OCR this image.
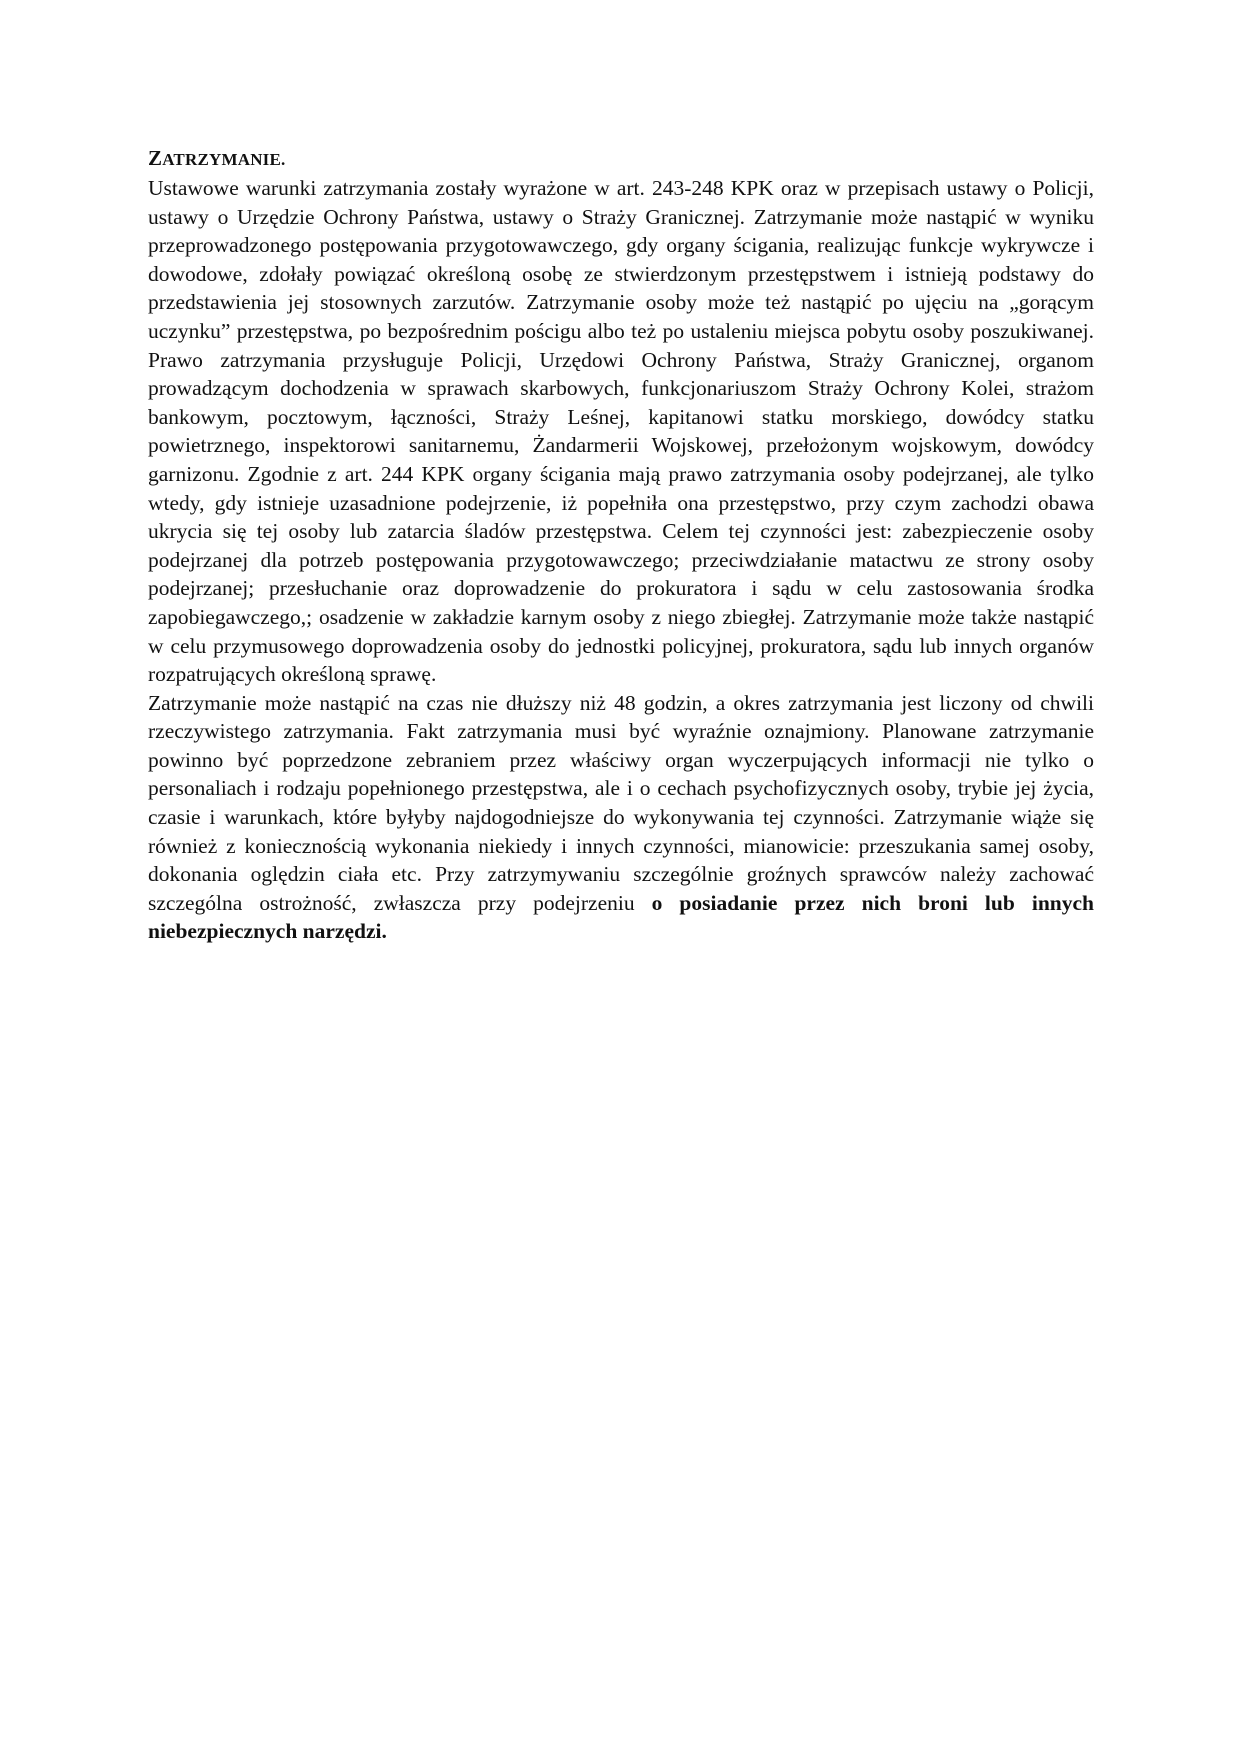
ZATRZYMANIE.

Ustawowe warunki zatrzymania zostały wyrażone w art. 243-248 KPK oraz w przepisach ustawy o Policji, ustawy o Urzędzie Ochrony Państwa, ustawy o Straży Granicznej. Zatrzymanie może nastąpić w wyniku przeprowadzonego postępowania przygotowawczego, gdy organy ścigania, realizując funkcje wykrywcze i dowodowe, zdołały powiązać określoną osobę ze stwierdzonym przestępstwem i istnieją podstawy do przedstawienia jej stosownych zarzutów. Zatrzymanie osoby może też nastąpić po ujęciu na „gorącym uczynku” przestępstwa, po bezpośrednim pościgu albo też po ustaleniu miejsca pobytu osoby poszukiwanej. Prawo zatrzymania przysługuje Policji, Urzędowi Ochrony Państwa, Straży Granicznej, organom prowadzącym dochodzenia w sprawach skarbowych, funkcjonariuszom Straży Ochrony Kolei, strażom bankowym, pocztowym, łączności, Straży Leśnej, kapitanowi statku morskiego, dowódcy statku powietrznego, inspektorowi sanitarnemu, Żandarmerii Wojskowej, przełożonym wojskowym, dowódcy garnizonu. Zgodnie z art. 244 KPK organy ścigania mają prawo zatrzymania osoby podejrzanej, ale tylko wtedy, gdy istnieje uzasadnione podejrzenie, iż popełniła ona przestępstwo, przy czym zachodzi obawa ukrycia się tej osoby lub zatarcia śladów przestępstwa. Celem tej czynności jest: zabezpieczenie osoby podejrzanej dla potrzeb postępowania przygotowawczego; przeciwdziałanie matactwu ze strony osoby podejrzanej; przesłuchanie oraz doprowadzenie do prokuratora i sądu w celu zastosowania środka zapobiegawczego,; osadzenie w zakładzie karnym osoby z niego zbiegłej. Zatrzymanie może także nastąpić w celu przymusowego doprowadzenia osoby do jednostki policyjnej, prokuratora, sądu lub innych organów rozpatrujących określoną sprawę.

Zatrzymanie może nastąpić na czas nie dłuższy niż 48 godzin, a okres zatrzymania jest liczony od chwili rzeczywistego zatrzymania. Fakt zatrzymania musi być wyraźnie oznajmiony. Planowane zatrzymanie powinno być poprzedzone zebraniem przez właściwy organ wyczerpujących informacji nie tylko o personaliach i rodzaju popełnionego przestępstwa, ale i o cechach psychofizycznych osoby, trybie jej życia, czasie i warunkach, które byłyby najdogodniejsze do wykonywania tej czynności. Zatrzymanie wiąże się również z koniecznością wykonania niekiedy i innych czynności, mianowicie: przeszukania samej osoby, dokonania oględzin ciała etc. Przy zatrzymywaniu szczególnie groźnych sprawców należy zachować szczególna ostrożność, zwłaszcza przy podejrzeniu o posiadanie przez nich broni lub innych niebezpiecznych narzędzi.
